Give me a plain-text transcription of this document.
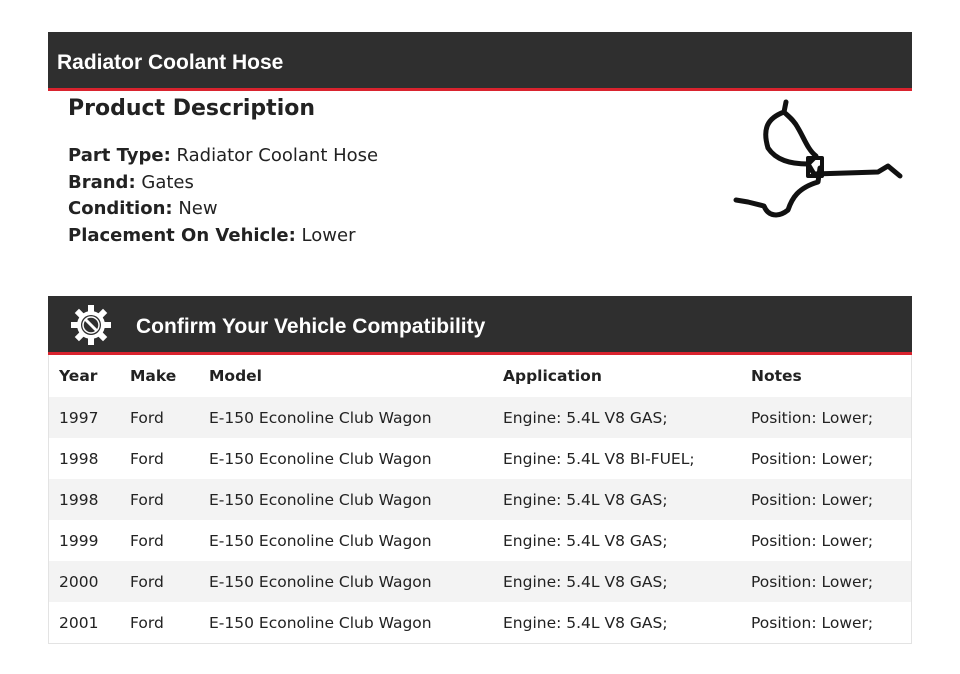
Radiator Coolant Hose
Product Description
Part Type: Radiator Coolant Hose
Brand: Gates
Condition: New
Placement On Vehicle: Lower
Confirm Your Vehicle Compatibility
Year	Make	Model	Application	Notes
1997	Ford	E-150 Econoline Club Wagon	Engine: 5.4L V8 GAS;	Position: Lower;
1998	Ford	E-150 Econoline Club Wagon	Engine: 5.4L V8 BI-FUEL;	Position: Lower;
1998	Ford	E-150 Econoline Club Wagon	Engine: 5.4L V8 GAS;	Position: Lower;
1999	Ford	E-150 Econoline Club Wagon	Engine: 5.4L V8 GAS;	Position: Lower;
2000	Ford	E-150 Econoline Club Wagon	Engine: 5.4L V8 GAS;	Position: Lower;
2001	Ford	E-150 Econoline Club Wagon	Engine: 5.4L V8 GAS;	Position: Lower;
